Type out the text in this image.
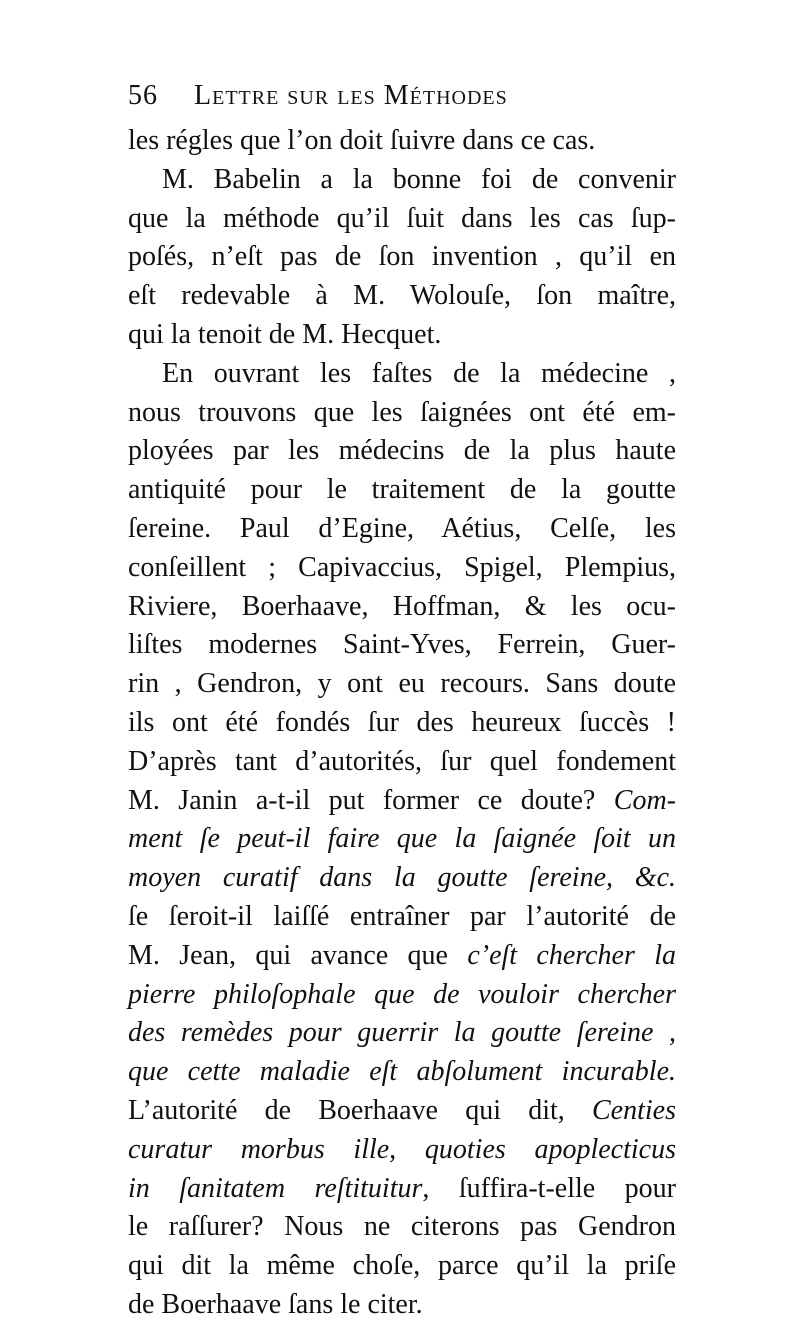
56 Lettre sur les Méthodes
les régles que l’on doit ſuivre dans ce cas.
M. Babelin a la bonne foi de convenir
que la méthode qu’il ſuit dans les cas ſup-
poſés, n’eſt pas de ſon invention , qu’il en
eſt redevable à M. Wolouſe, ſon maître,
qui la tenoit de M. Hecquet.
En ouvrant les faſtes de la médecine ,
nous trouvons que les ſaignées ont été em-
ployées par les médecins de la plus haute
antiquité pour le traitement de la goutte
ſereine. Paul d’Egine, Aétius, Celſe, les
conſeillent ; Capivaccius, Spigel, Plempius,
Riviere, Boerhaave, Hoffman, & les ocu-
liſtes modernes Saint-Yves, Ferrein, Guer-
rin , Gendron, y ont eu recours. Sans doute
ils ont été fondés ſur des heureux ſuccès !
D’après tant d’autorités, ſur quel fondement
M. Janin a-t-il put former ce doute? Com-
ment ſe peut-il faire que la ſaignée ſoit un
moyen curatif dans la goutte ſereine, &c.
ſe ſeroit-il laiſſé entraîner par l’autorité de
M. Jean, qui avance que c’eſt chercher la
pierre philoſophale que de vouloir chercher
des remèdes pour guerrir la goutte ſereine ,
que cette maladie eſt abſolument incurable.
L’autorité de Boerhaave qui dit, Centies
curatur morbus ille, quoties apoplecticus
in ſanitatem reſtituitur, ſuffira-t-elle pour
le raſſurer? Nous ne citerons pas Gendron
qui dit la même choſe, parce qu’il la priſe
de Boerhaave ſans le citer.
